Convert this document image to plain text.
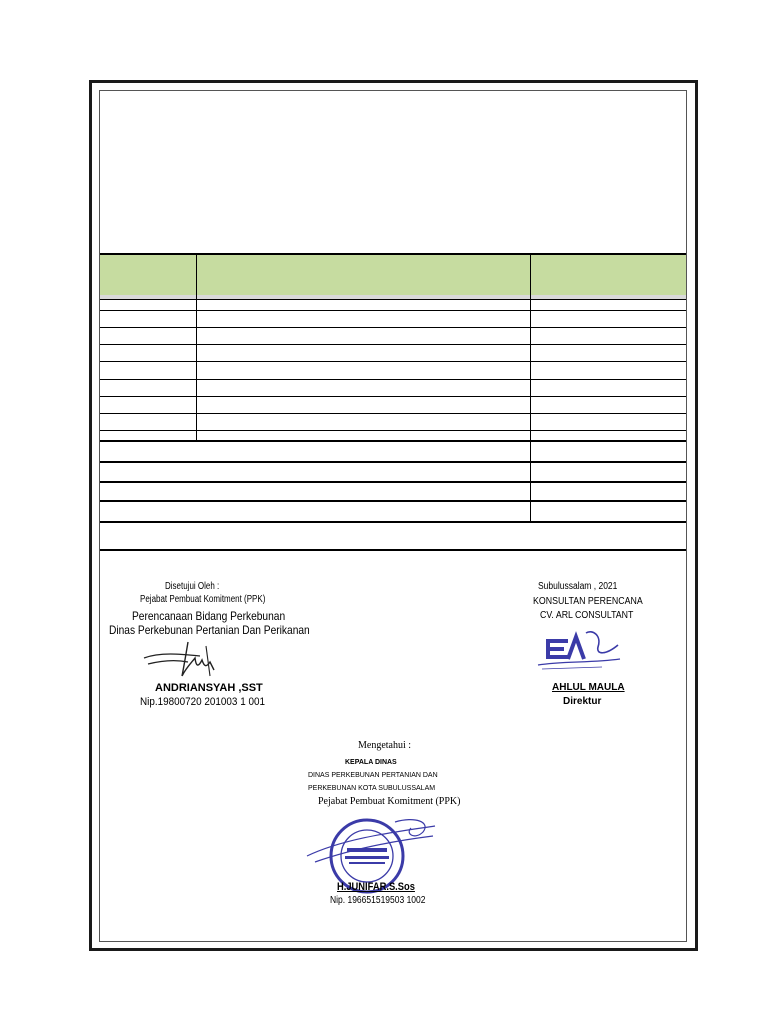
Disetujui Oleh :
Pejabat Pembuat Komitment (PPK)
Perencanaan Bidang Perkebunan
Dinas Perkebunan Pertanian Dan Perikanan
ANDRIANSYAH ,SST
Nip.19800720 201003 1 001
Subulussalam , 2021
KONSULTAN PERENCANA
CV. ARL CONSULTANT
AHLUL MAULA
Direktur
Mengetahui :
KEPALA DINAS
DINAS PERKEBUNAN PERTANIAN DAN
PERKEBUNAN KOTA SUBULUSSALAM
Pejabat Pembuat Komitment (PPK)
H.JUNIFAR.S.Sos
Nip. 196651519503 1002
